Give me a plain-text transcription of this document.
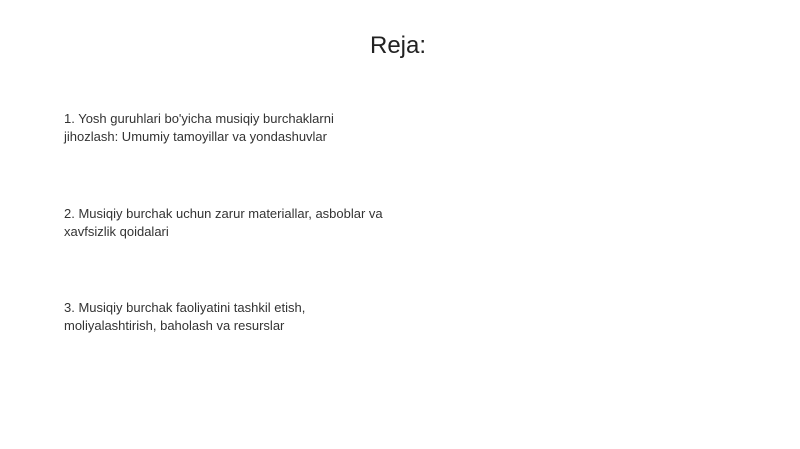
Reja:
1. Yosh guruhlari bo'yicha musiqiy burchaklarni
jihozlash: Umumiy tamoyillar va yondashuvlar
2. Musiqiy burchak uchun zarur materiallar, asboblar va
xavfsizlik qoidalari
3. Musiqiy burchak faoliyatini tashkil etish,
moliyalashtirish, baholash va resurslar
